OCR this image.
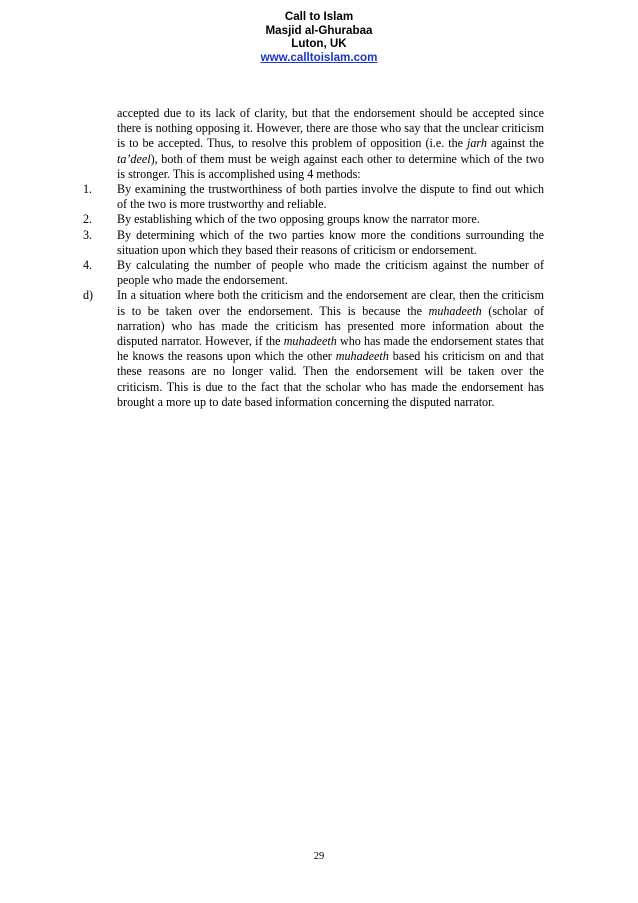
Call to Islam
Masjid al-Ghurabaa
Luton, UK
www.calltoislam.com

accepted due to its lack of clarity, but that the endorsement should be accepted since there is nothing opposing it. However, there are those who say that the unclear criticism is to be accepted. Thus, to resolve this problem of opposition (i.e. the jarh against the ta’deel), both of them must be weigh against each other to determine which of the two is stronger. This is accomplished using 4 methods:

1. By examining the trustworthiness of both parties involve the dispute to find out which of the two is more trustworthy and reliable.
2. By establishing which of the two opposing groups know the narrator more.
3. By determining which of the two parties know more the conditions surrounding the situation upon which they based their reasons of criticism or endorsement.
4. By calculating the number of people who made the criticism against the number of people who made the endorsement.
d) In a situation where both the criticism and the endorsement are clear, then the criticism is to be taken over the endorsement. This is because the muhadeeth (scholar of narration) who has made the criticism has presented more information about the disputed narrator. However, if the muhadeeth who has made the endorsement states that he knows the reasons upon which the other muhadeeth based his criticism on and that these reasons are no longer valid. Then the endorsement will be taken over the criticism. This is due to the fact that the scholar who has made the endorsement has brought a more up to date based information concerning the disputed narrator.
29
